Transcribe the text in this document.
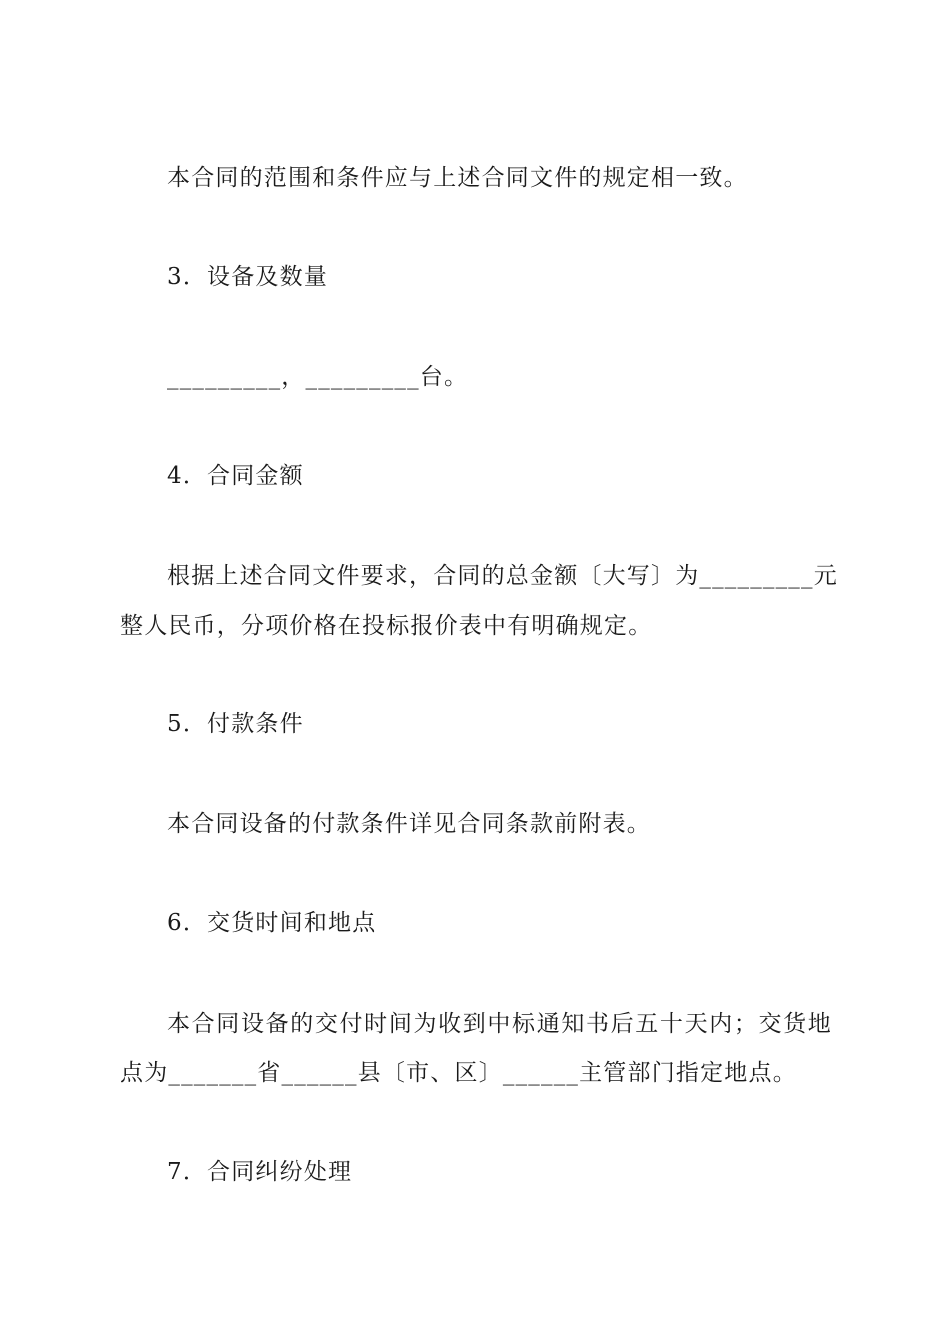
本合同的范围和条件应与上述合同文件的规定相一致。
3．设备及数量
_________，_________台。
4．合同金额
根据上述合同文件要求，合同的总金额〔大写〕为_________元
整人民币，分项价格在投标报价表中有明确规定。
5．付款条件
本合同设备的付款条件详见合同条款前附表。
6．交货时间和地点
本合同设备的交付时间为收到中标通知书后五十天内；交货地
点为_______省______县〔市、区〕______主管部门指定地点。
7．合同纠纷处理
